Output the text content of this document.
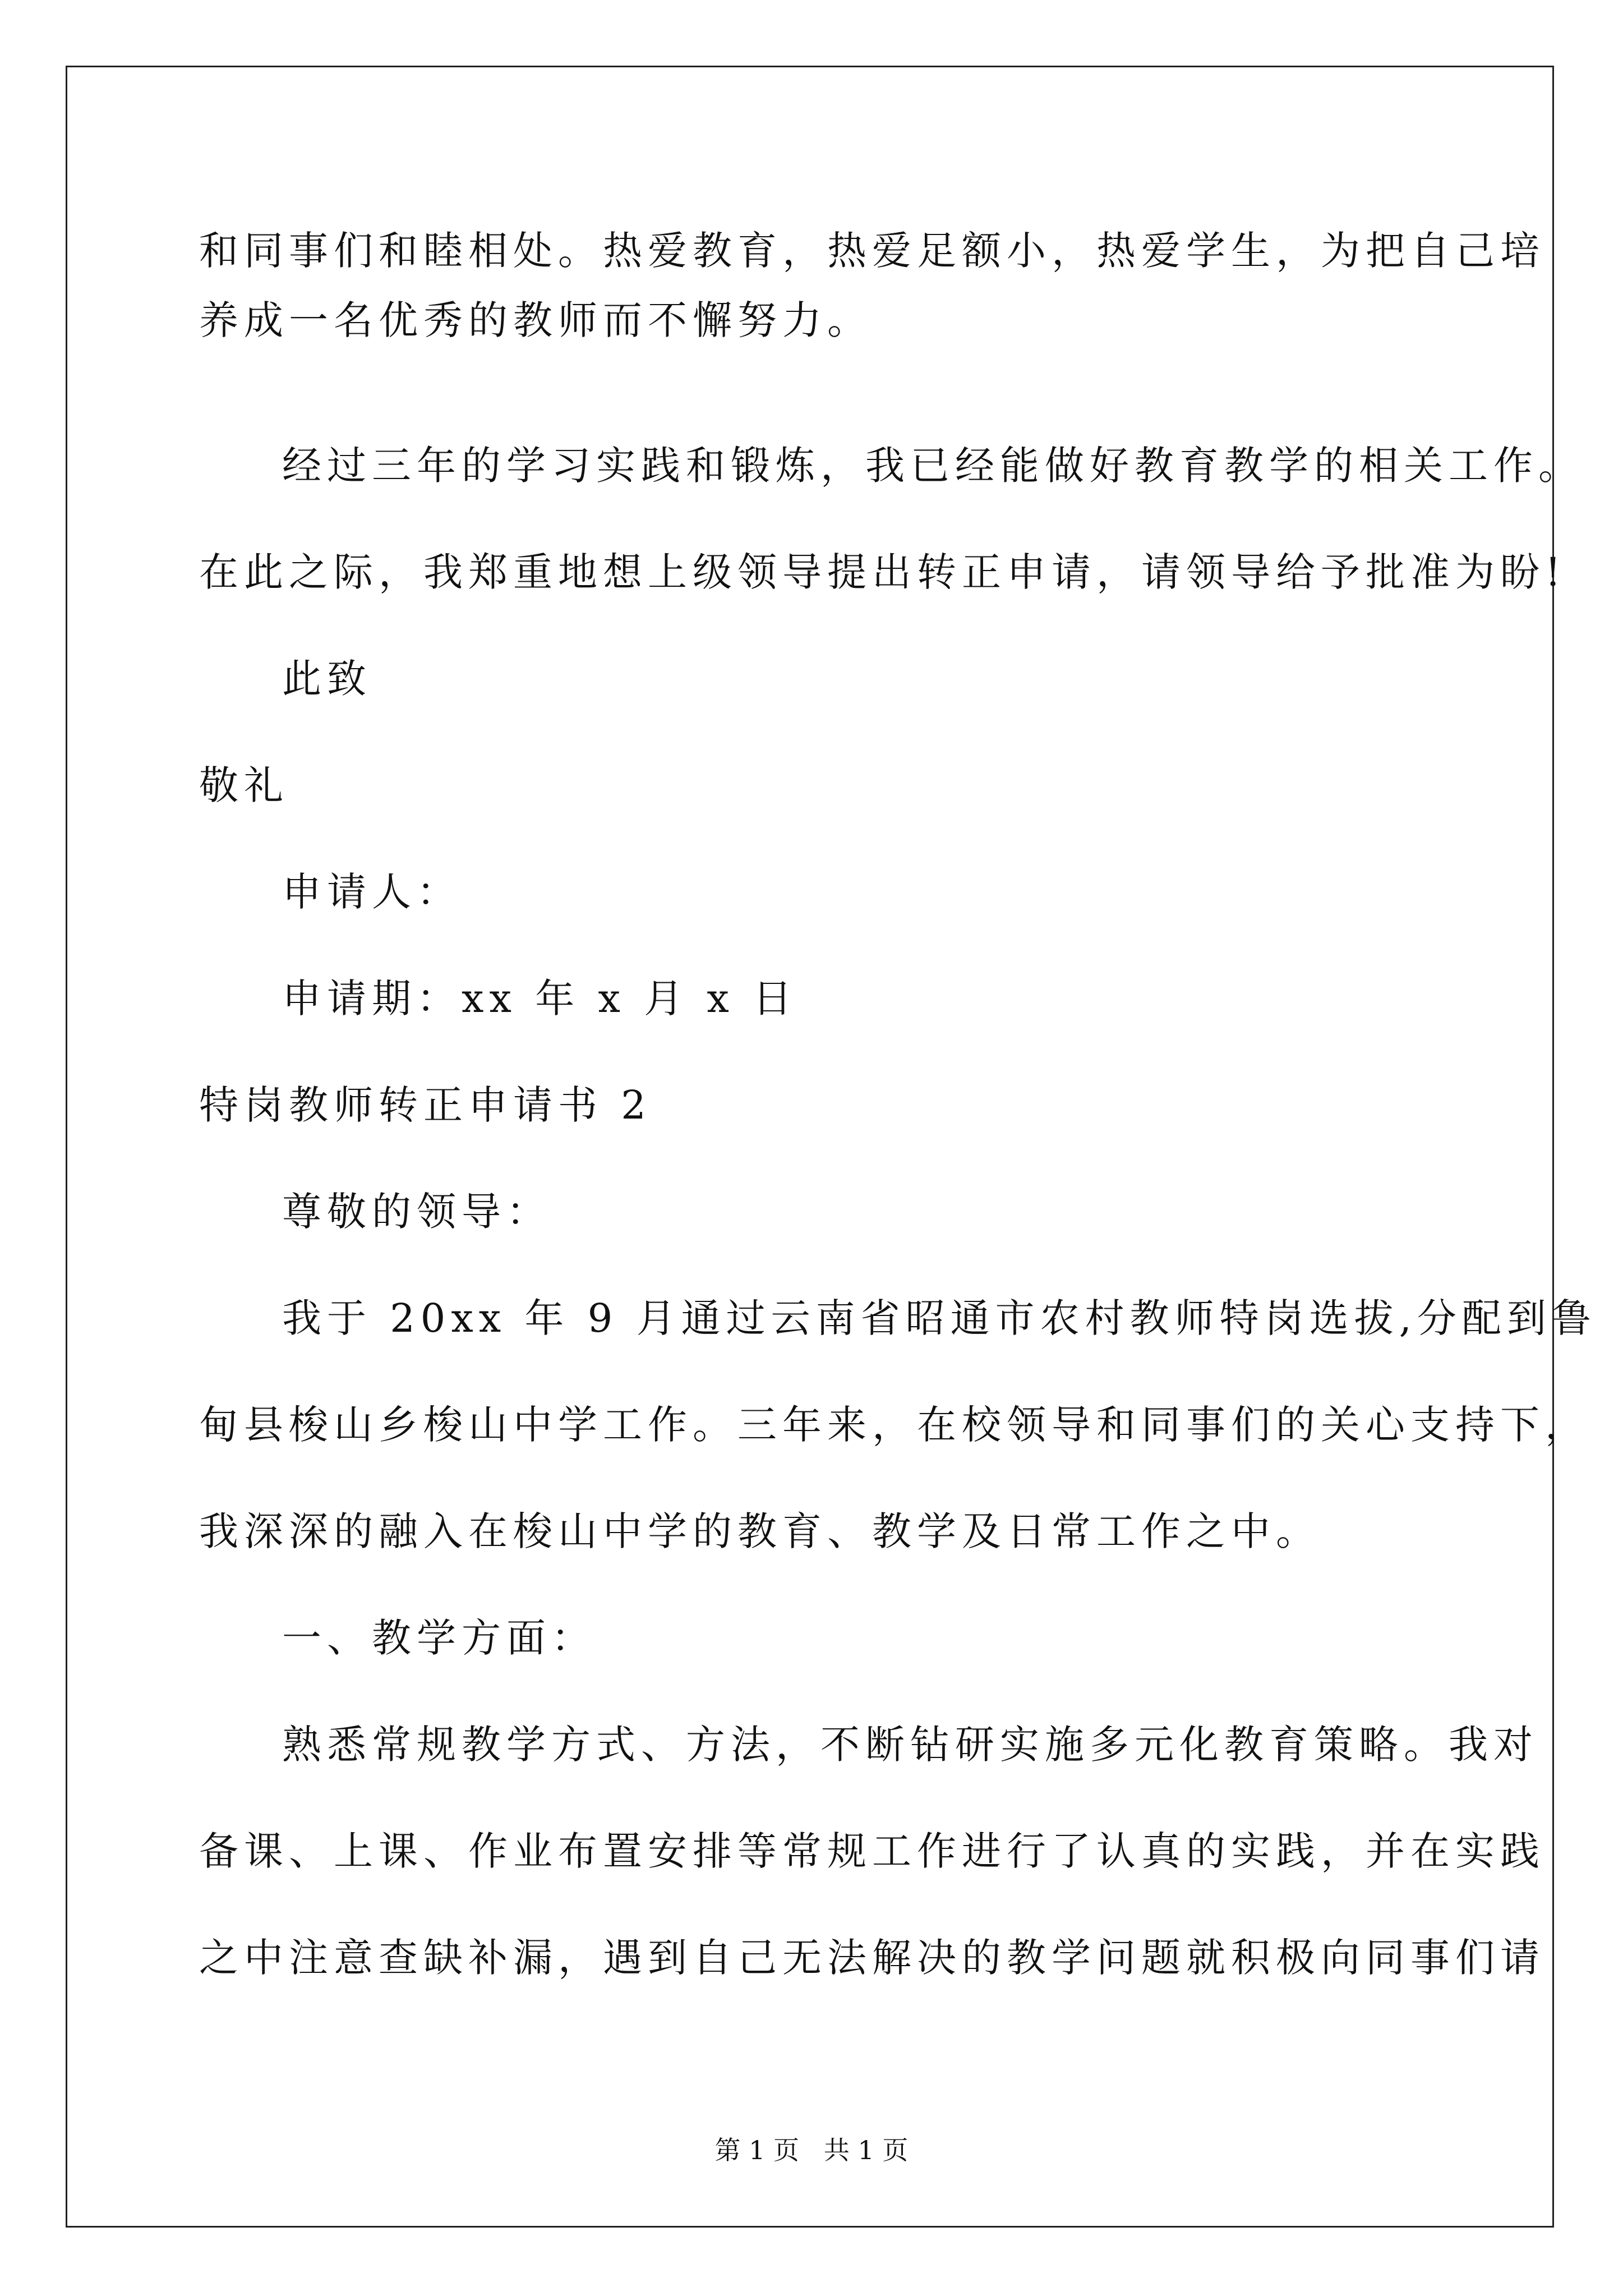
和同事们和睦相处。热爱教育，热爱足额小，热爱学生，为把自己培
养成一名优秀的教师而不懈努力。
经过三年的学习实践和锻炼，我已经能做好教育教学的相关工作。
在此之际，我郑重地想上级领导提出转正申请，请领导给予批准为盼!
此致
敬礼
申请人：
申请期：xx 年 x 月 x 日
特岗教师转正申请书 2
尊敬的领导：
我于 20xx 年 9 月通过云南省昭通市农村教师特岗选拔,分配到鲁
甸县梭山乡梭山中学工作。三年来，在校领导和同事们的关心支持下，
我深深的融入在梭山中学的教育、教学及日常工作之中。
一、教学方面：
熟悉常规教学方式、方法，不断钻研实施多元化教育策略。我对
备课、上课、作业布置安排等常规工作进行了认真的实践，并在实践
之中注意查缺补漏，遇到自己无法解决的教学问题就积极向同事们请
第 1 页   共 1 页
